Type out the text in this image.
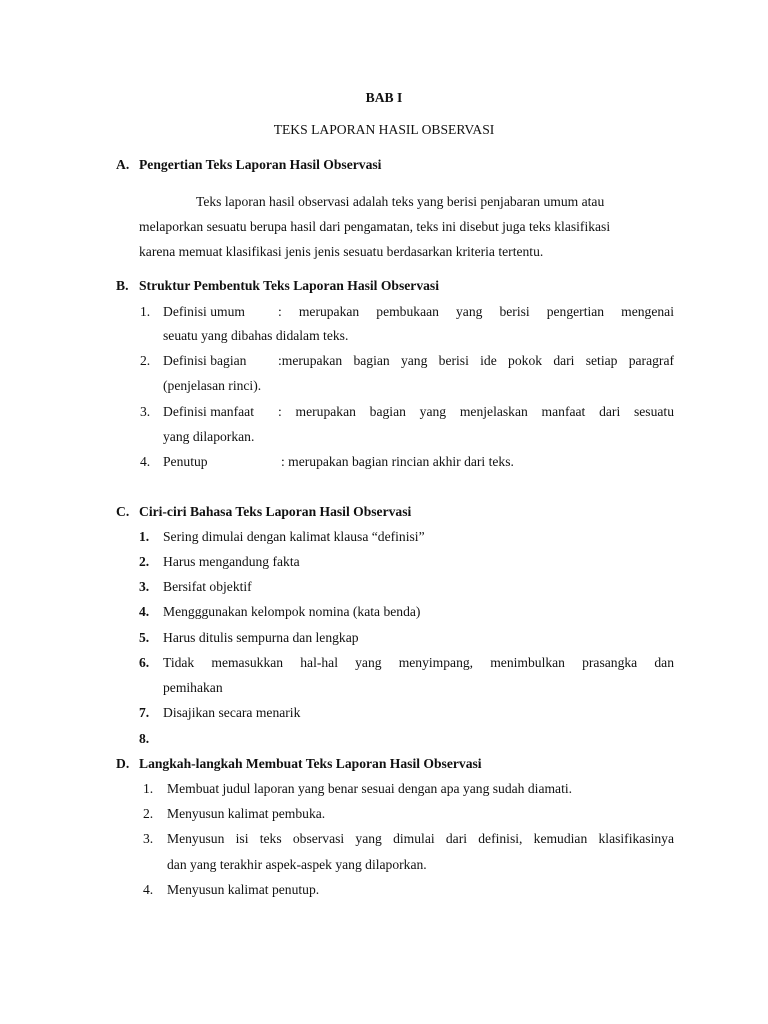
BAB I
TEKS LAPORAN HASIL OBSERVASI
A. Pengertian Teks Laporan Hasil Observasi
Teks laporan hasil observasi adalah teks yang berisi penjabaran umum atau
melaporkan sesuatu berupa hasil dari pengamatan, teks ini disebut juga teks klasifikasi
karena memuat klasifikasi jenis jenis sesuatu berdasarkan kriteria tertentu.
B. Struktur Pembentuk Teks Laporan Hasil Observasi
1. Definisi umum : merupakan pembukaan yang berisi pengertian mengenai
seuatu yang dibahas didalam teks.
2. Definisi bagian :merupakan bagian yang berisi ide pokok dari setiap paragraf
(penjelasan rinci).
3. Definisi manfaat : merupakan bagian yang menjelaskan manfaat dari sesuatu
yang dilaporkan.
4. Penutup	: merupakan bagian rincian akhir dari teks.
C. Ciri-ciri Bahasa Teks Laporan Hasil Observasi
1. Sering dimulai dengan kalimat klausa “definisi”
2. Harus mengandung fakta
3. Bersifat objektif
4. Mengggunakan kelompok nomina (kata benda)
5. Harus ditulis sempurna dan lengkap
6. Tidak memasukkan hal-hal yang menyimpang, menimbulkan prasangka dan
pemihakan
7. Disajikan secara menarik
8.
D. Langkah-langkah Membuat Teks Laporan Hasil Observasi
1. Membuat judul laporan yang benar sesuai dengan apa yang sudah diamati.
2. Menyusun kalimat pembuka.
3. Menyusun isi teks observasi yang dimulai dari definisi, kemudian klasifikasinya
dan yang terakhir aspek-aspek yang dilaporkan.
4. Menyusun kalimat penutup.
